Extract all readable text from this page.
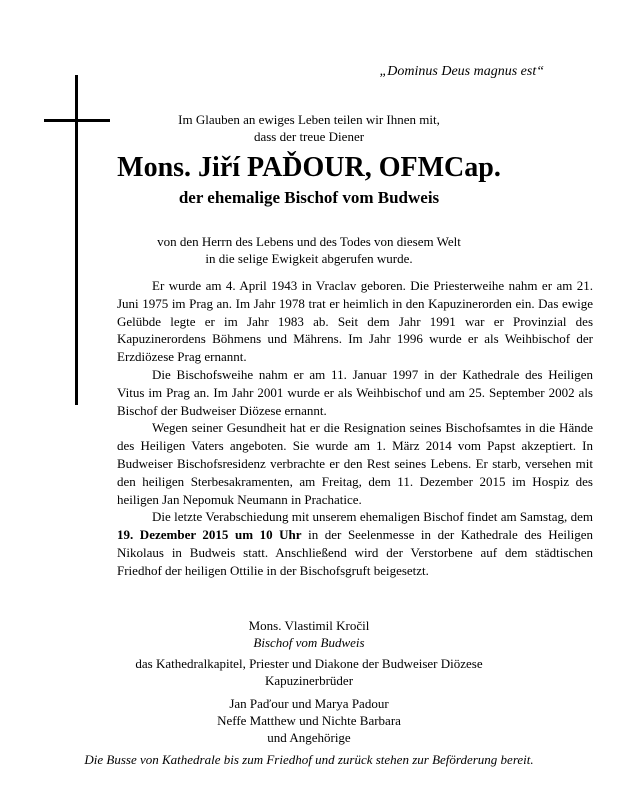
„Dominus Deus magnus est“
Im Glauben an ewiges Leben teilen wir Ihnen mit,
dass der treue Diener
Mons. Jiří PAĎOUR, OFMCap.
der ehemalige Bischof vom Budweis
von den Herrn des Lebens und des Todes von diesem Welt
in die selige Ewigkeit abgerufen wurde.

Er wurde am 4. April 1943 in Vraclav geboren. Die Priesterweihe nahm er am 21. Juni 1975 im Prag an. Im Jahr 1978 trat er heimlich in den Kapuzinerorden ein. Das ewige Gelübde legte er im Jahr 1983 ab. Seit dem Jahr 1991 war er Provinzial des Kapuzinerordens Böhmens und Mährens. Im Jahr 1996 wurde er als Weihbischof der Erzdiözese Prag ernannt.

Die Bischofsweihe nahm er am 11. Januar 1997 in der Kathedrale des Heiligen Vitus im Prag an. Im Jahr 2001 wurde er als Weihbischof und am 25. September 2002 als Bischof der Budweiser Diözese ernannt.

Wegen seiner Gesundheit hat er die Resignation seines Bischofsamtes in die Hände des Heiligen Vaters angeboten. Sie wurde am 1. März 2014 vom Papst akzeptiert. In Budweiser Bischofsresidenz verbrachte er den Rest seines Lebens. Er starb, versehen mit den heiligen Sterbesakramenten, am Freitag, dem 11. Dezember 2015 im Hospiz des heiligen Jan Nepomuk Neumann in Prachatice.

Die letzte Verabschiedung mit unserem ehemaligen Bischof findet am Samstag, dem 19. Dezember 2015 um 10 Uhr in der Seelenmesse in der Kathedrale des Heiligen Nikolaus in Budweis statt. Anschließend wird der Verstorbene auf dem städtischen Friedhof der heiligen Ottilie in der Bischofsgruft beigesetzt.

Mons. Vlastimil Kročil
Bischof vom Budweis
das Kathedralkapitel, Priester und Diakone der Budweiser Diözese
Kapuzinerbrüder
Jan Paďour und Marya Padour
Neffe Matthew und Nichte Barbara
und Angehörige
Die Busse von Kathedrale bis zum Friedhof und zurück stehen zur Beförderung bereit.
